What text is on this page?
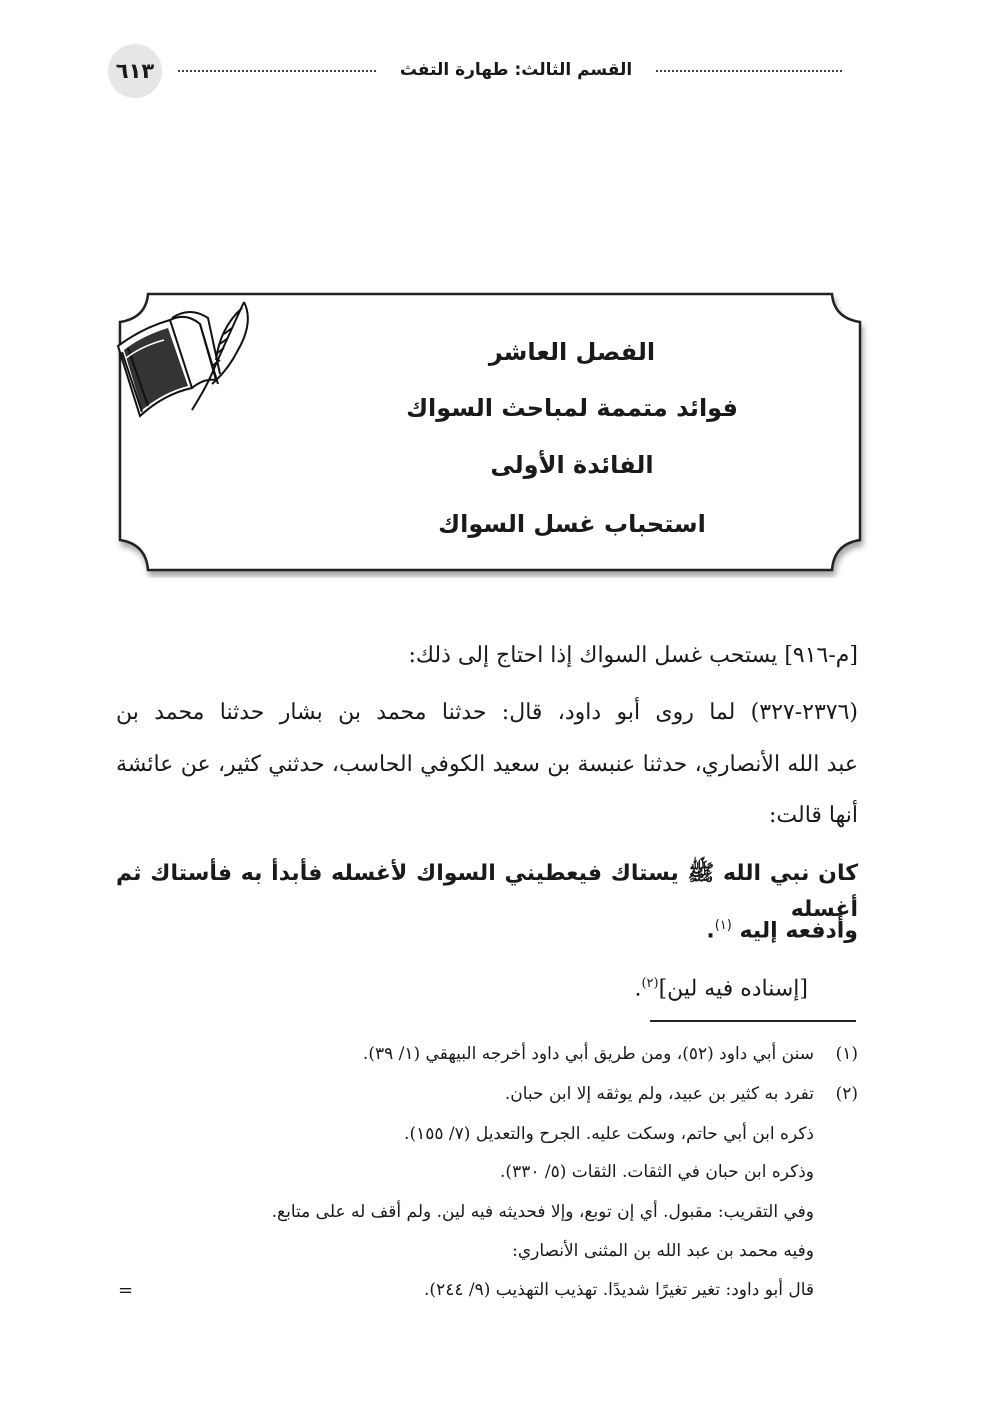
٦١٣	القسم الثالث: طهارة التفث
الفصل العاشر
فوائد متممة لمباحث السواك
الفائدة الأولى
استحباب غسل السواك
[م-٩١٦] يستحب غسل السواك إذا احتاج إلى ذلك:
(٢٣٧٦-٣٢٧) لما روى أبو داود، قال: حدثنا محمد بن بشار حدثنا محمد بن
عبد الله الأنصاري، حدثنا عنبسة بن سعيد الكوفي الحاسب، حدثني كثير، عن عائشة
أنها قالت:
كان نبي الله ﷺ يستاك فيعطيني السواك لأغسله فأبدأ به فأستاك ثم أغسله
وأدفعه إليه $^{(١)}$.
[إسناده فيه لين]$^{(٢)}$.
(١)
سنن أبي داود (٥٢)، ومن طريق أبي داود أخرجه البيهقي (١/ ٣٩).
(٢)
تفرد به كثير بن عبيد، ولم يوثقه إلا ابن حبان.
ذكره ابن أبي حاتم، وسكت عليه. الجرح والتعديل (٧/ ١٥٥).
وذكره ابن حبان في الثقات. الثقات (٥/ ٣٣٠).
وفي التقريب: مقبول. أي إن توبع، وإلا فحديثه فيه لين. ولم أقف له على متابع.
وفيه محمد بن عبد الله بن المثنى الأنصاري:
قال أبو داود: تغير تغيرًا شديدًا. تهذيب التهذيب (٩/ ٢٤٤).
=
